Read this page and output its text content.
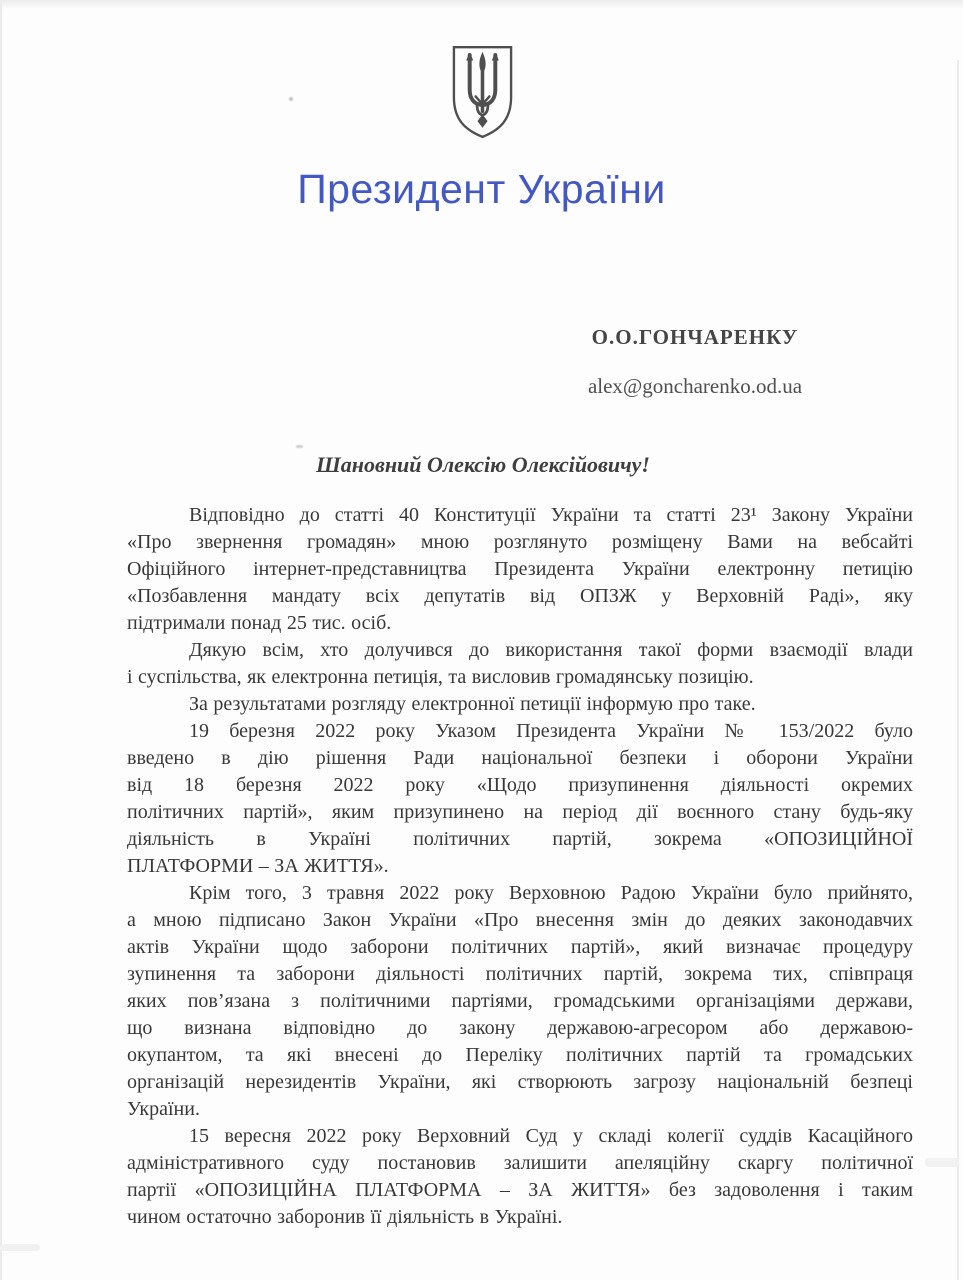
Президент України
О.О.ГОНЧАРЕНКУ
alex@goncharenko.od.ua
Шановний Олексію Олексійовичу!
Відповідно до статті 40 Конституції України та статті 23¹ Закону України
«Про звернення громадян» мною розглянуто розміщену Вами на вебсайті
Офіційного інтернет-представництва Президента України електронну петицію
«Позбавлення мандату всіх депутатів від ОПЗЖ у Верховній Раді», яку
підтримали понад 25 тис. осіб.
Дякую всім, хто долучився до використання такої форми взаємодії влади
і суспільства, як електронна петиція, та висловив громадянську позицію.
За результатами розгляду електронної петиції інформую про таке.
19 березня 2022 року Указом Президента України № 153/2022 було
введено в дію рішення Ради національної безпеки і оборони України
від 18 березня 2022 року «Щодо призупинення діяльності окремих
політичних партій», яким призупинено на період дії воєнного стану будь-яку
діяльність в Україні політичних партій, зокрема «ОПОЗИЦІЙНОЇ
ПЛАТФОРМИ – ЗА ЖИТТЯ».
Крім того, 3 травня 2022 року Верховною Радою України було прийнято,
а мною підписано Закон України «Про внесення змін до деяких законодавчих
актів України щодо заборони політичних партій», який визначає процедуру
зупинення та заборони діяльності політичних партій, зокрема тих, співпраця
яких пов’язана з політичними партіями, громадськими організаціями держави,
що визнана відповідно до закону державою-агресором або державою-
окупантом, та які внесені до Переліку політичних партій та громадських
організацій нерезидентів України, які створюють загрозу національній безпеці
України.
15 вересня 2022 року Верховний Суд у складі колегії суддів Касаційного
адміністративного суду постановив залишити апеляційну скаргу політичної
партії «ОПОЗИЦІЙНА ПЛАТФОРМА – ЗА ЖИТТЯ» без задоволення і таким
чином остаточно заборонив її діяльність в Україні.
